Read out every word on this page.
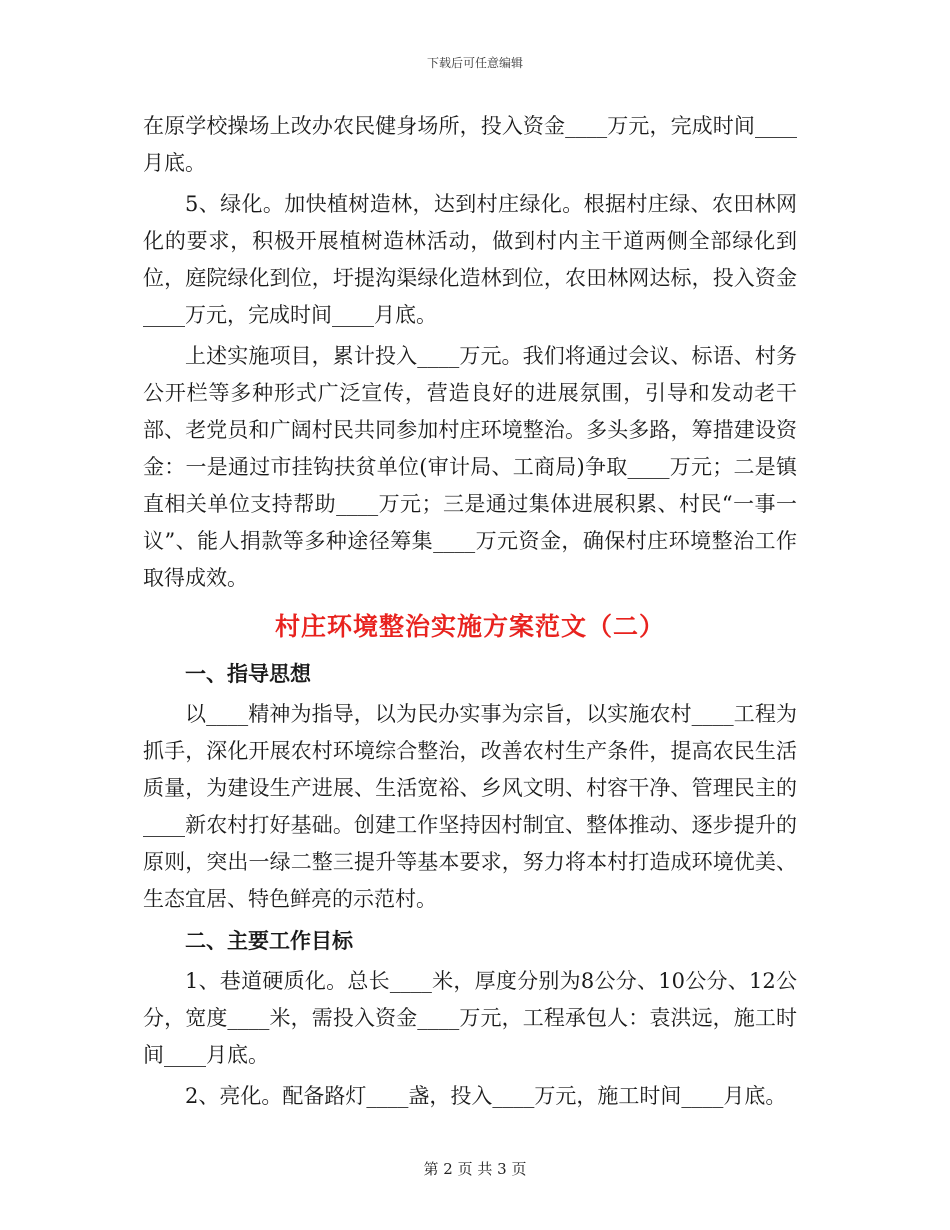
下载后可任意编辑

在原学校操场上改办农民健身场所，投入资金____万元，完成时间____月底。

5、绿化。加快植树造林，达到村庄绿化。根据村庄绿、农田林网化的要求，积极开展植树造林活动，做到村内主干道两侧全部绿化到位，庭院绿化到位，圩提沟渠绿化造林到位，农田林网达标，投入资金____万元，完成时间____月底。

上述实施项目，累计投入____万元。我们将通过会议、标语、村务公开栏等多种形式广泛宣传，营造良好的进展氛围，引导和发动老干部、老党员和广阔村民共同参加村庄环境整治。多头多路，筹措建设资金：一是通过市挂钩扶贫单位(审计局、工商局)争取____万元；二是镇直相关单位支持帮助____万元；三是通过集体进展积累、村民“一事一议”、能人捐款等多种途径筹集____万元资金，确保村庄环境整治工作取得成效。

村庄环境整治实施方案范文（二）
一、指导思想

以____精神为指导，以为民办实事为宗旨，以实施农村____工程为抓手，深化开展农村环境综合整治，改善农村生产条件，提高农民生活质量，为建设生产进展、生活宽裕、乡风文明、村容干净、管理民主的____新农村打好基础。创建工作坚持因村制宜、整体推动、逐步提升的原则，突出一绿二整三提升等基本要求，努力将本村打造成环境优美、生态宜居、特色鲜亮的示范村。

二、主要工作目标

1、巷道硬质化。总长____米，厚度分别为8公分、10公分、12公分，宽度____米，需投入资金____万元，工程承包人：袁洪远，施工时间____月底。

2、亮化。配备路灯____盏，投入____万元，施工时间____月底。

第 2 页 共 3 页
